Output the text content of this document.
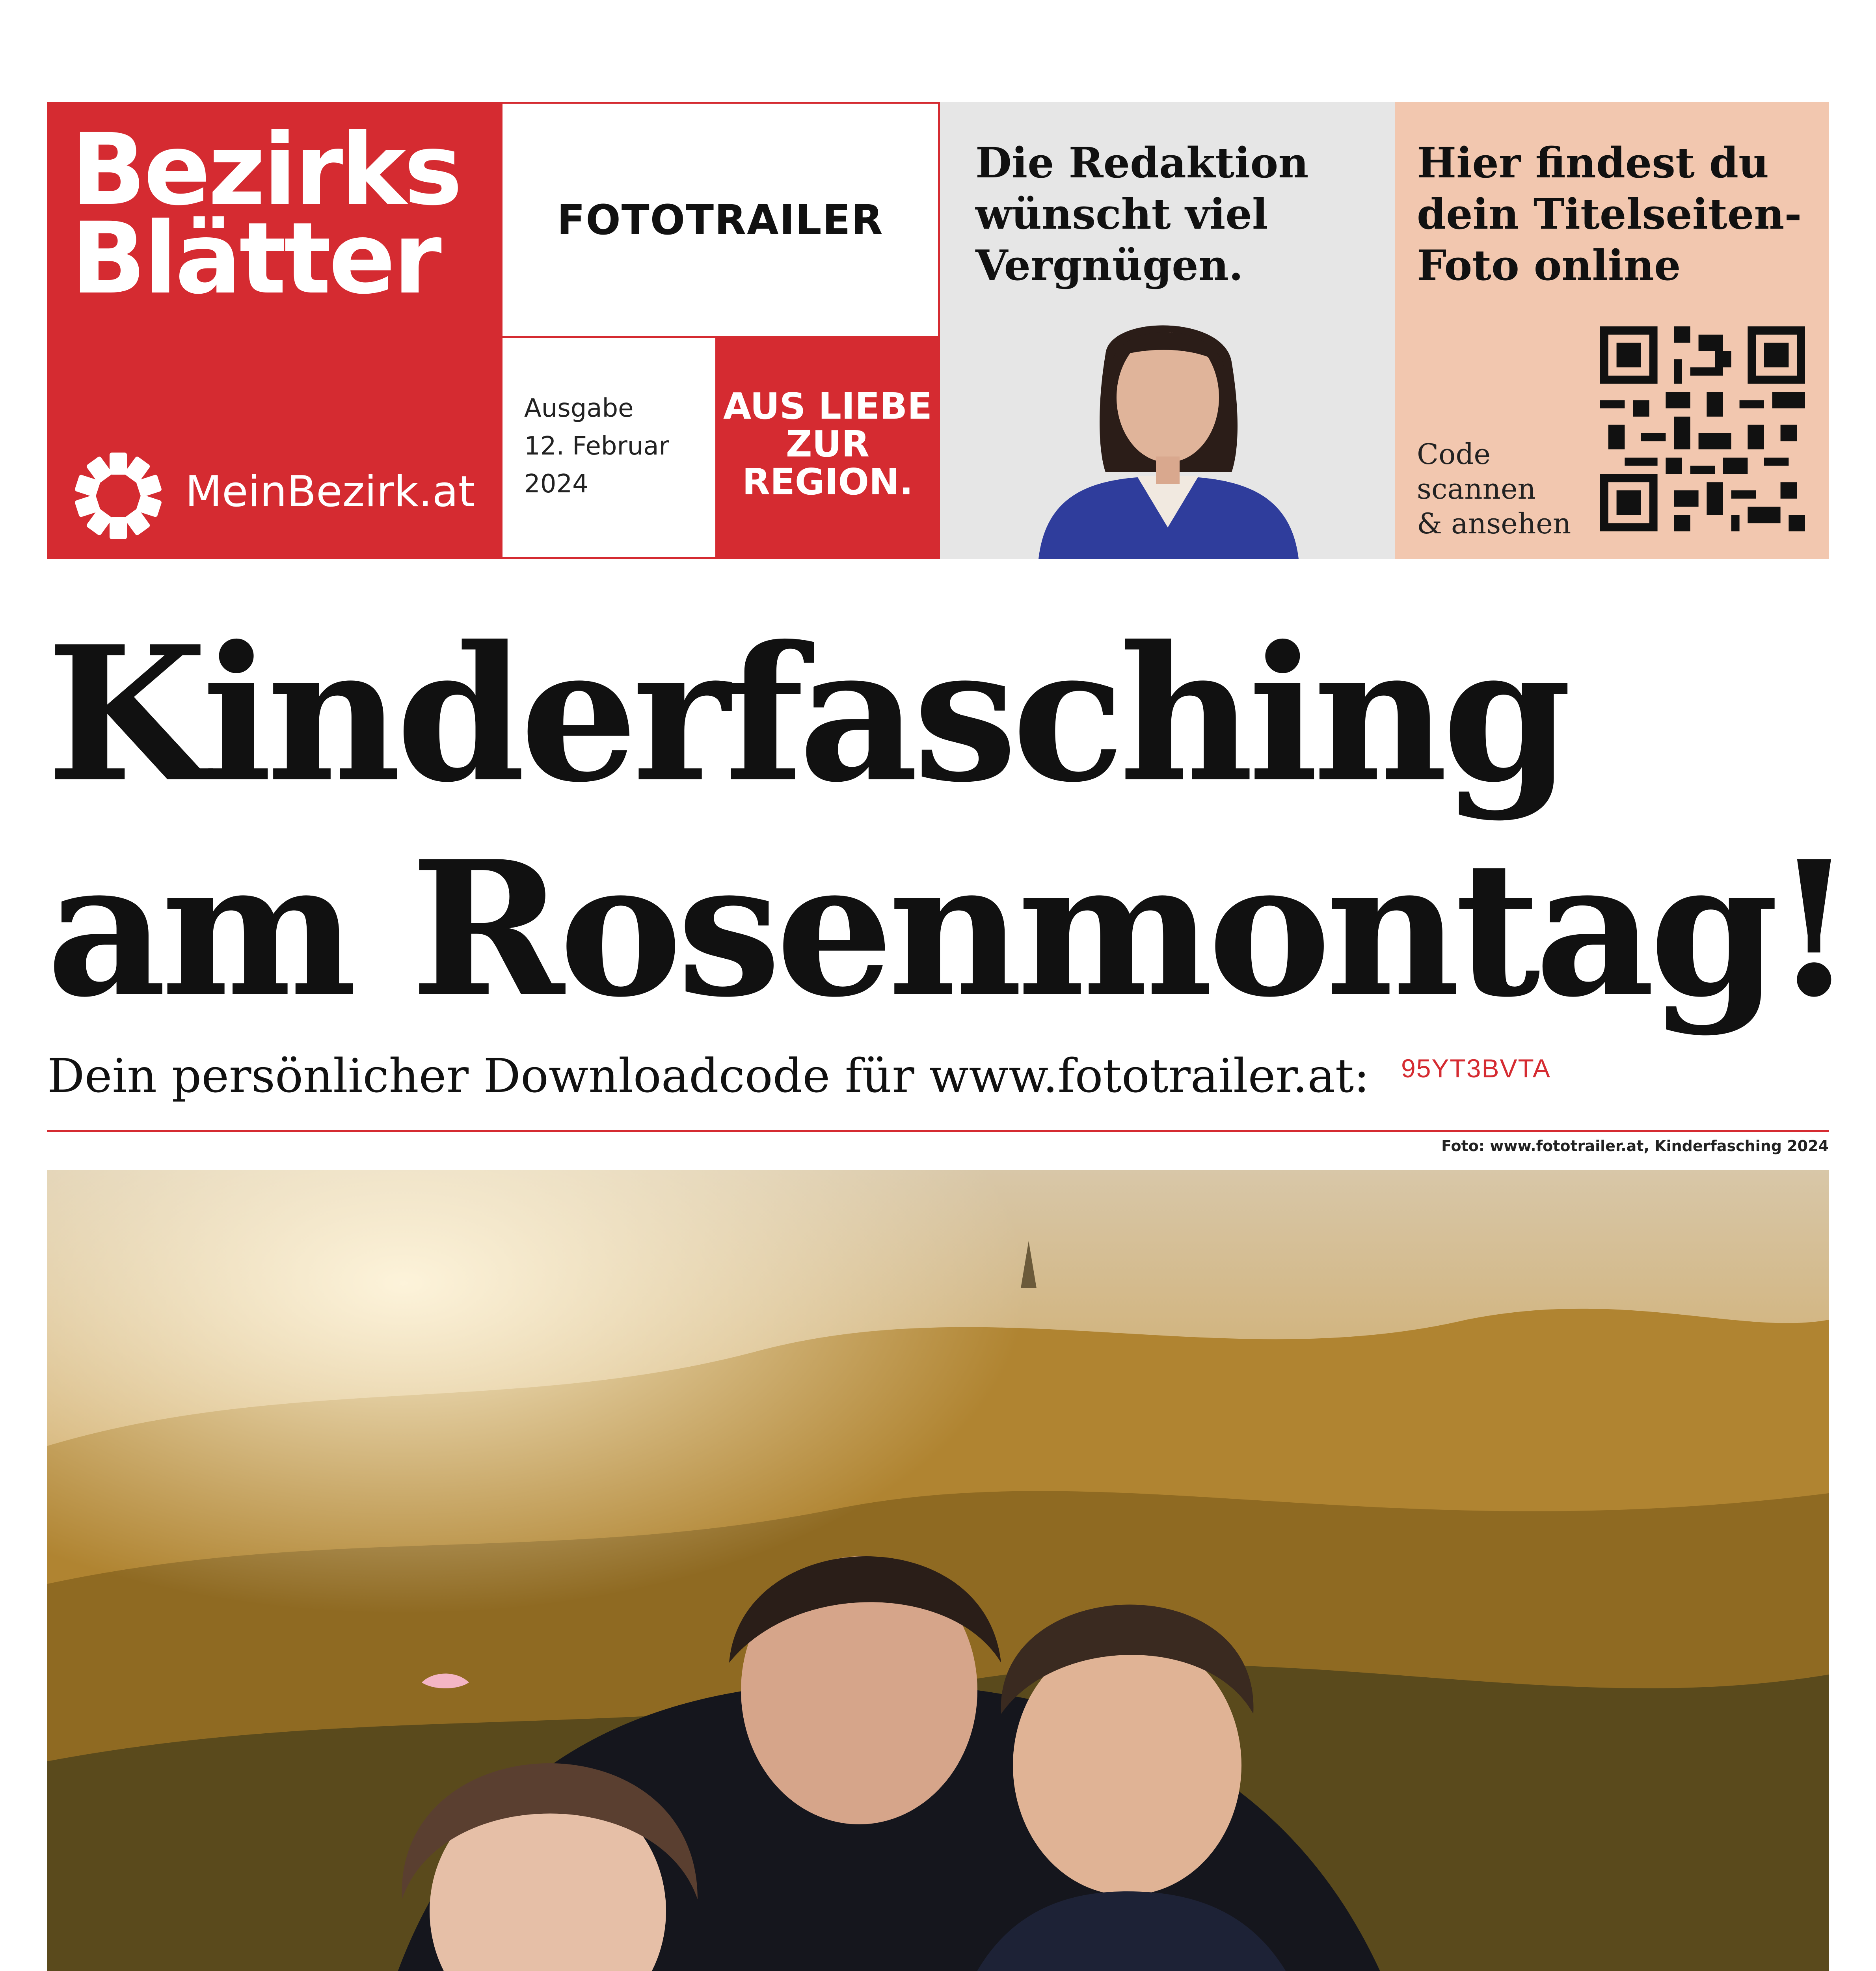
Bezirks
Blätter
MeinBezirk.at
FOTOTRAILER
Ausgabe
12. Februar
2024
AUS LIEBE
ZUR
REGION.
Die Redaktion
wünscht viel
Vergnügen.
Hier findest du
dein Titelseiten-
Foto online
Code
scannen
& ansehen
Kinderfasching
am Rosenmontag!
Dein persönlicher Downloadcode für www.fototrailer.at: 95YT3BVTA
Foto: www.fototrailer.at, Kinderfasching 2024
